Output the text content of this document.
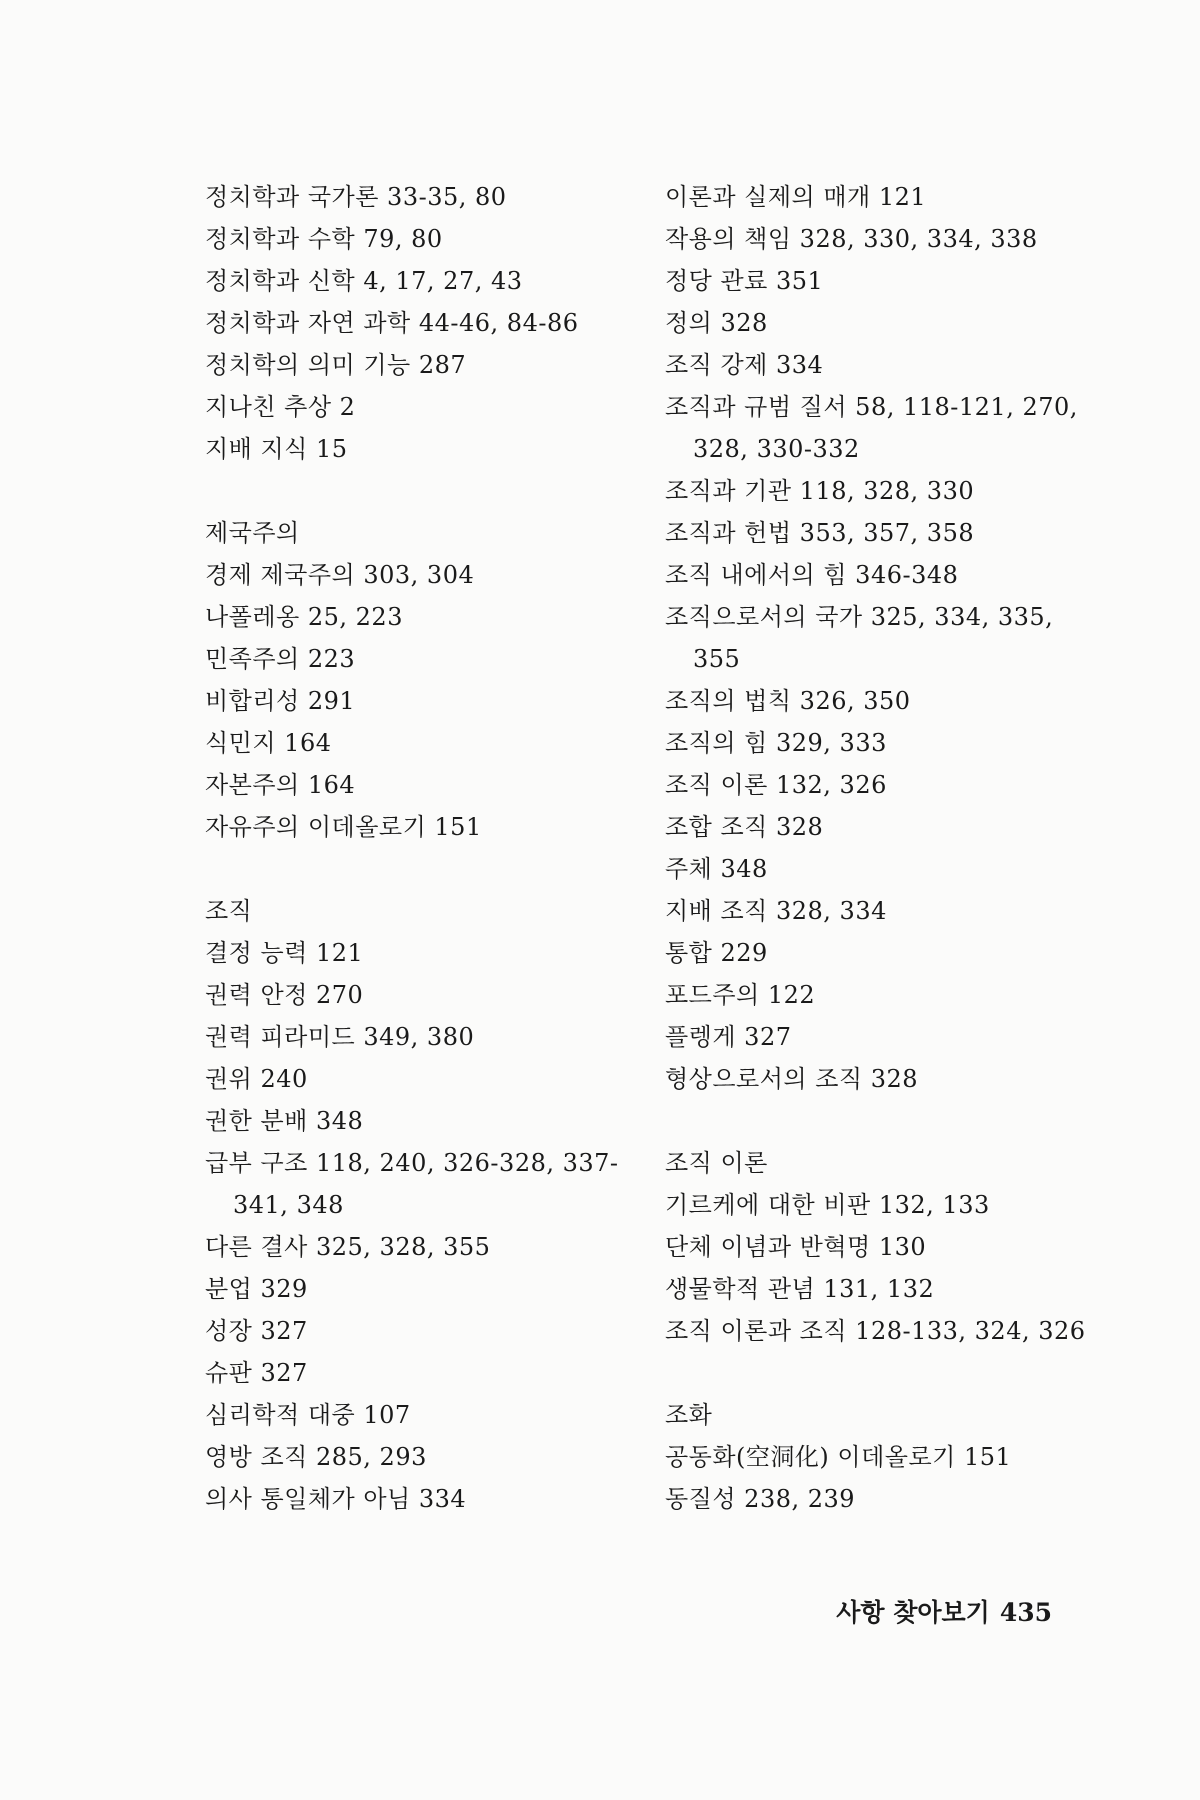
정치학과 국가론 33-35, 80
정치학과 수학 79, 80
정치학과 신학 4, 17, 27, 43
정치학과 자연 과학 44-46, 84-86
정치학의 의미 기능 287
지나친 추상 2
지배 지식 15
제국주의
경제 제국주의 303, 304
나폴레옹 25, 223
민족주의 223
비합리성 291
식민지 164
자본주의 164
자유주의 이데올로기 151
조직
결정 능력 121
권력 안정 270
권력 피라미드 349, 380
권위 240
권한 분배 348
급부 구조 118, 240, 326-328, 337-
341, 348
다른 결사 325, 328, 355
분업 329
성장 327
슈판 327
심리학적 대중 107
영방 조직 285, 293
의사 통일체가 아님 334
이론과 실제의 매개 121
작용의 책임 328, 330, 334, 338
정당 관료 351
정의 328
조직 강제 334
조직과 규범 질서 58, 118-121, 270,
328, 330-332
조직과 기관 118, 328, 330
조직과 헌법 353, 357, 358
조직 내에서의 힘 346-348
조직으로서의 국가 325, 334, 335,
355
조직의 법칙 326, 350
조직의 힘 329, 333
조직 이론 132, 326
조합 조직 328
주체 348
지배 조직 328, 334
통합 229
포드주의 122
플렝게 327
형상으로서의 조직 328
조직 이론
기르케에 대한 비판 132, 133
단체 이념과 반혁명 130
생물학적 관념 131, 132
조직 이론과 조직 128-133, 324, 326
조화
공동화(空洞化) 이데올로기 151
동질성 238, 239
사항 찾아보기 435
